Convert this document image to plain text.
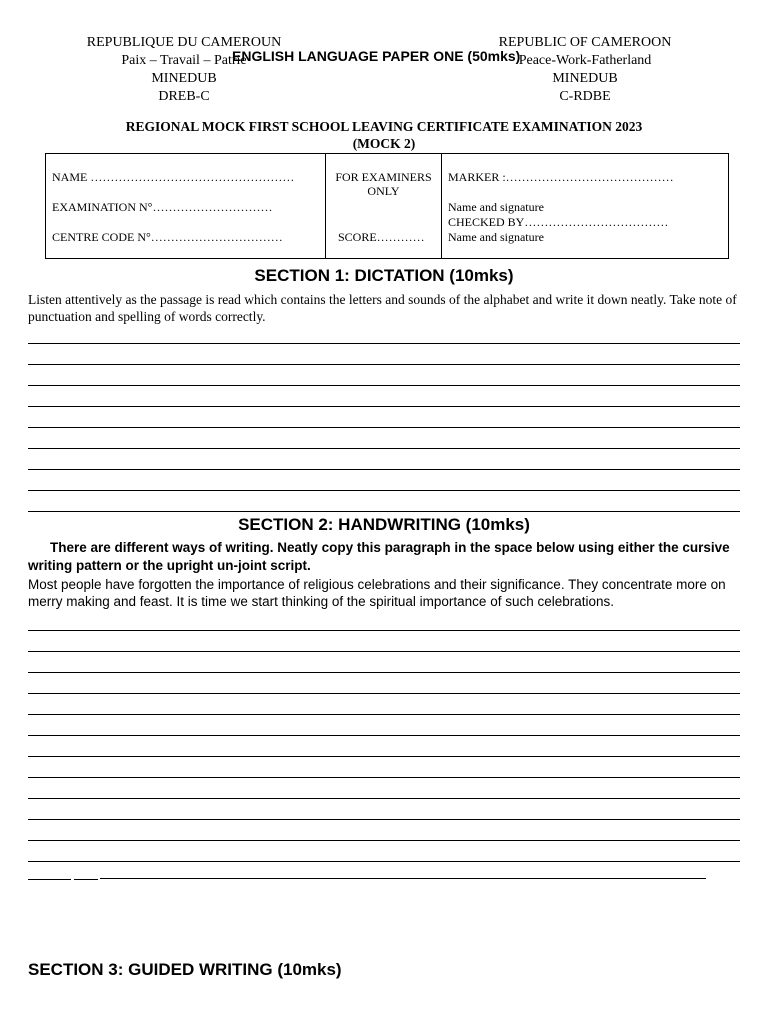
REPUBLIQUE DU CAMEROUN
Paix – Travail – Patrie
MINEDUB
DREB-C
REPUBLIC OF CAMEROON
Peace-Work-Fatherland
MINEDUB
C-RDBE
ENGLISH LANGUAGE PAPER ONE (50mks)
REGIONAL MOCK FIRST SCHOOL LEAVING CERTIFICATE EXAMINATION 2023
(MOCK 2)
NAME ……………………………………………
EXAMINATION N°…………………………
CENTRE CODE N°……………………………
FOR EXAMINERS
ONLY
SCORE…………
MARKER :……………………………………
Name and signature
CHECKED BY………………………………
Name and signature
SECTION 1: DICTATION (10mks)
Listen attentively as the passage is read which contains the letters and sounds of the alphabet and write it down neatly. Take note of punctuation and spelling of words correctly.
SECTION 2: HANDWRITING (10mks)
There are different ways of writing. Neatly copy this paragraph in the space below using either the cursive writing pattern or the upright un-joint script.
Most people have forgotten the importance of religious celebrations and their significance. They concentrate more on merry making and feast. It is time we start thinking of the spiritual importance of such celebrations.
SECTION 3: GUIDED WRITING (10mks)
